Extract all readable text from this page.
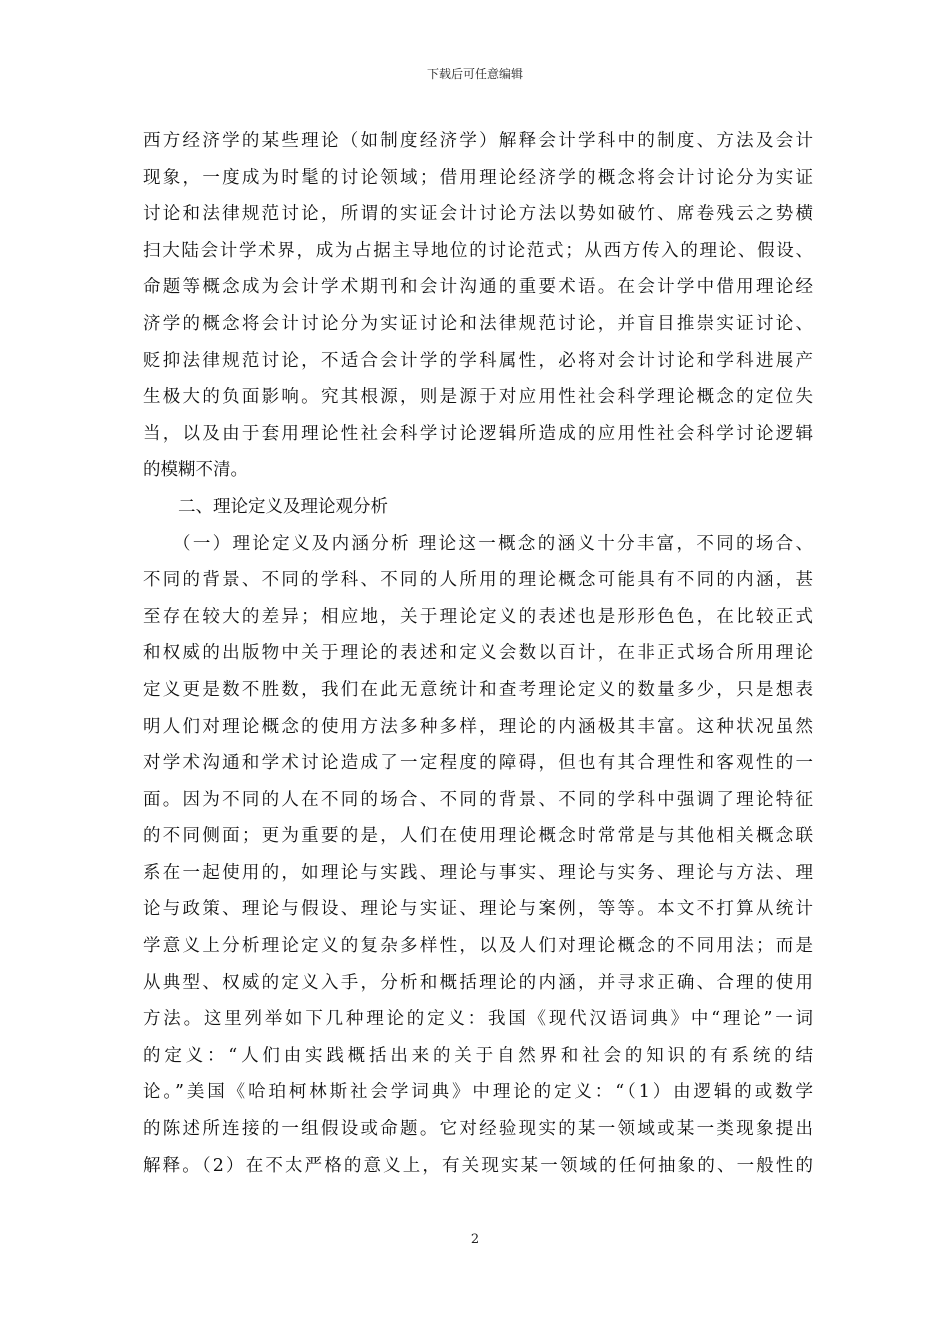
下载后可任意编辑
西方经济学的某些理论（如制度经济学）解释会计学科中的制度、方法及会计
现象，一度成为时髦的讨论领域；借用理论经济学的概念将会计讨论分为实证
讨论和法律规范讨论，所谓的实证会计讨论方法以势如破竹、席卷残云之势横
扫大陆会计学术界，成为占据主导地位的讨论范式；从西方传入的理论、假设、
命题等概念成为会计学术期刊和会计沟通的重要术语。在会计学中借用理论经
济学的概念将会计讨论分为实证讨论和法律规范讨论，并盲目推崇实证讨论、
贬抑法律规范讨论，不适合会计学的学科属性，必将对会计讨论和学科进展产
生极大的负面影响。究其根源，则是源于对应用性社会科学理论概念的定位失
当，以及由于套用理论性社会科学讨论逻辑所造成的应用性社会科学讨论逻辑
的模糊不清。
二、理论定义及理论观分析
（一）理论定义及内涵分析 理论这一概念的涵义十分丰富，不同的场合、
不同的背景、不同的学科、不同的人所用的理论概念可能具有不同的内涵，甚
至存在较大的差异；相应地，关于理论定义的表述也是形形色色，在比较正式
和权威的出版物中关于理论的表述和定义会数以百计，在非正式场合所用理论
定义更是数不胜数，我们在此无意统计和查考理论定义的数量多少，只是想表
明人们对理论概念的使用方法多种多样，理论的内涵极其丰富。这种状况虽然
对学术沟通和学术讨论造成了一定程度的障碍，但也有其合理性和客观性的一
面。因为不同的人在不同的场合、不同的背景、不同的学科中强调了理论特征
的不同侧面；更为重要的是，人们在使用理论概念时常常是与其他相关概念联
系在一起使用的，如理论与实践、理论与事实、理论与实务、理论与方法、理
论与政策、理论与假设、理论与实证、理论与案例，等等。本文不打算从统计
学意义上分析理论定义的复杂多样性，以及人们对理论概念的不同用法；而是
从典型、权威的定义入手，分析和概括理论的内涵，并寻求正确、合理的使用
方法。这里列举如下几种理论的定义：我国《现代汉语词典》中“理论”一词
的定义：“人们由实践概括出来的关于自然界和社会的知识的有系统的结
论。”美国《哈珀柯林斯社会学词典》中理论的定义：“（1）由逻辑的或数学
的陈述所连接的一组假设或命题。它对经验现实的某一领域或某一类现象提出
解释。（2）在不太严格的意义上，有关现实某一领域的任何抽象的、一般性的
2
